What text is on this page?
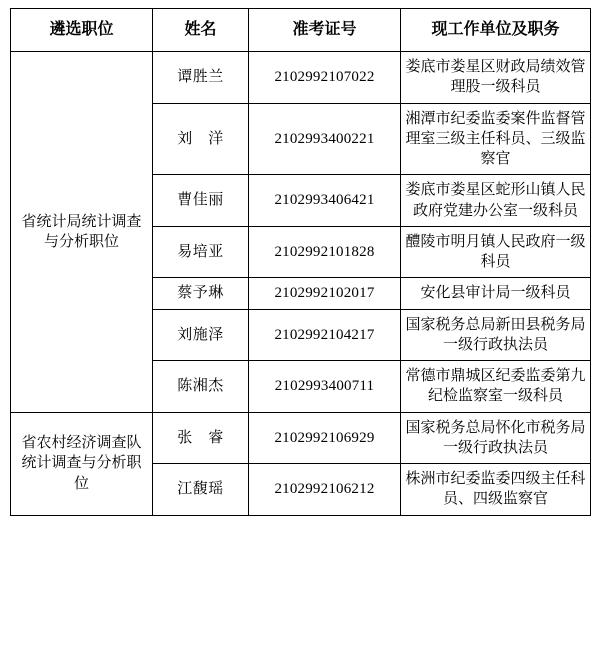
遴选职位	姓名	准考证号	现工作单位及职务
省统计局统计调查与分析职位	谭胜兰	2102992107022	娄底市娄星区财政局绩效管理股一级科员
	刘　洋	2102993400221	湘潭市纪委监委案件监督管理室三级主任科员、三级监察官
	曹佳丽	2102993406421	娄底市娄星区蛇形山镇人民政府党建办公室一级科员
	易培亚	2102992101828	醴陵市明月镇人民政府一级科员
	蔡予琳	2102992102017	安化县审计局一级科员
	刘施泽	2102992104217	国家税务总局新田县税务局一级行政执法员
	陈湘杰	2102993400711	常德市鼎城区纪委监委第九纪检监察室一级科员
省农村经济调查队统计调查与分析职位	张　睿	2102992106929	国家税务总局怀化市税务局一级行政执法员
	江馥瑶	2102992106212	株洲市纪委监委四级主任科员、四级监察官
